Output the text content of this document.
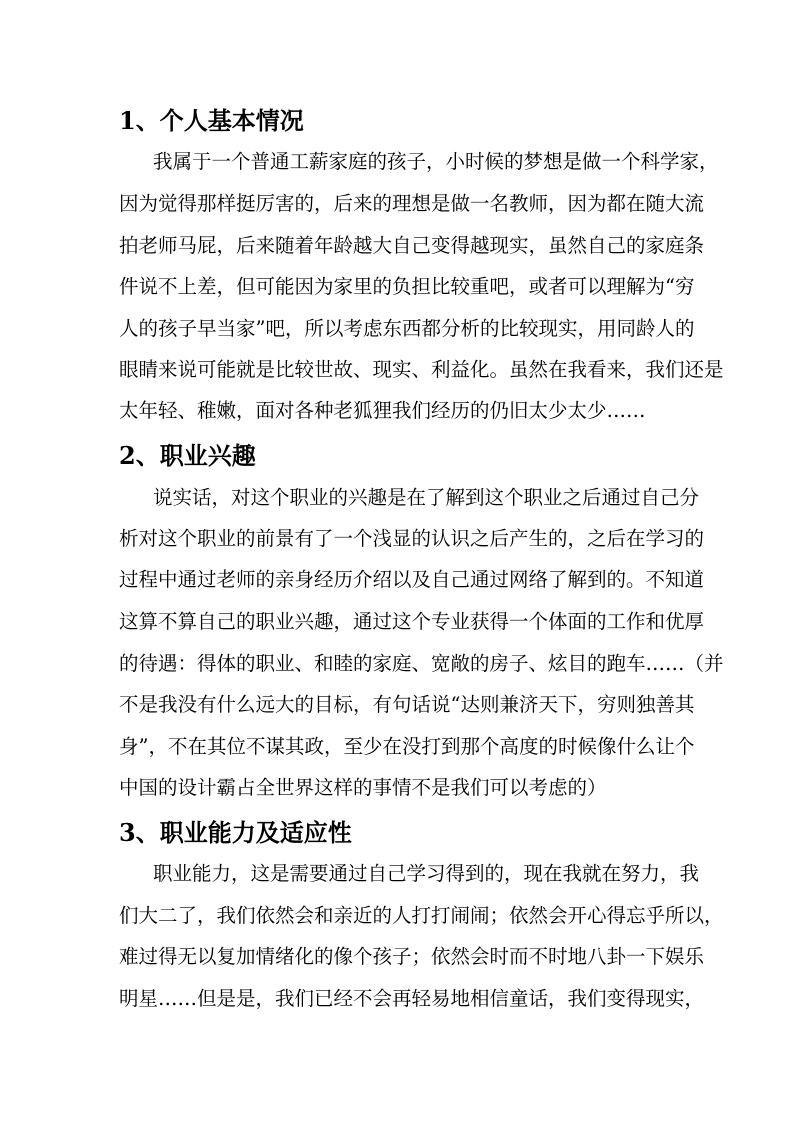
1、个人基本情况

我属于一个普通工薪家庭的孩子，小时候的梦想是做一个科学家，

因为觉得那样挺厉害的，后来的理想是做一名教师，因为都在随大流

拍老师马屁，后来随着年龄越大自己变得越现实，虽然自己的家庭条

件说不上差，但可能因为家里的负担比较重吧，或者可以理解为“穷

人的孩子早当家”吧，所以考虑东西都分析的比较现实，用同龄人的

眼睛来说可能就是比较世故、现实、利益化。虽然在我看来，我们还是

太年轻、稚嫩，面对各种老狐狸我们经历的仍旧太少太少……

2、职业兴趣

说实话，对这个职业的兴趣是在了解到这个职业之后通过自己分

析对这个职业的前景有了一个浅显的认识之后产生的，之后在学习的

过程中通过老师的亲身经历介绍以及自己通过网络了解到的。不知道

这算不算自己的职业兴趣，通过这个专业获得一个体面的工作和优厚

的待遇：得体的职业、和睦的家庭、宽敞的房子、炫目的跑车……（并

不是我没有什么远大的目标，有句话说“达则兼济天下，穷则独善其

身”，不在其位不谋其政，至少在没打到那个高度的时候像什么让个

中国的设计霸占全世界这样的事情不是我们可以考虑的）

3、职业能力及适应性

职业能力，这是需要通过自己学习得到的，现在我就在努力，我

们大二了，我们依然会和亲近的人打打闹闹；依然会开心得忘乎所以，

难过得无以复加情绪化的像个孩子；依然会时而不时地八卦一下娱乐

明星……但是是，我们已经不会再轻易地相信童话，我们变得现实，
